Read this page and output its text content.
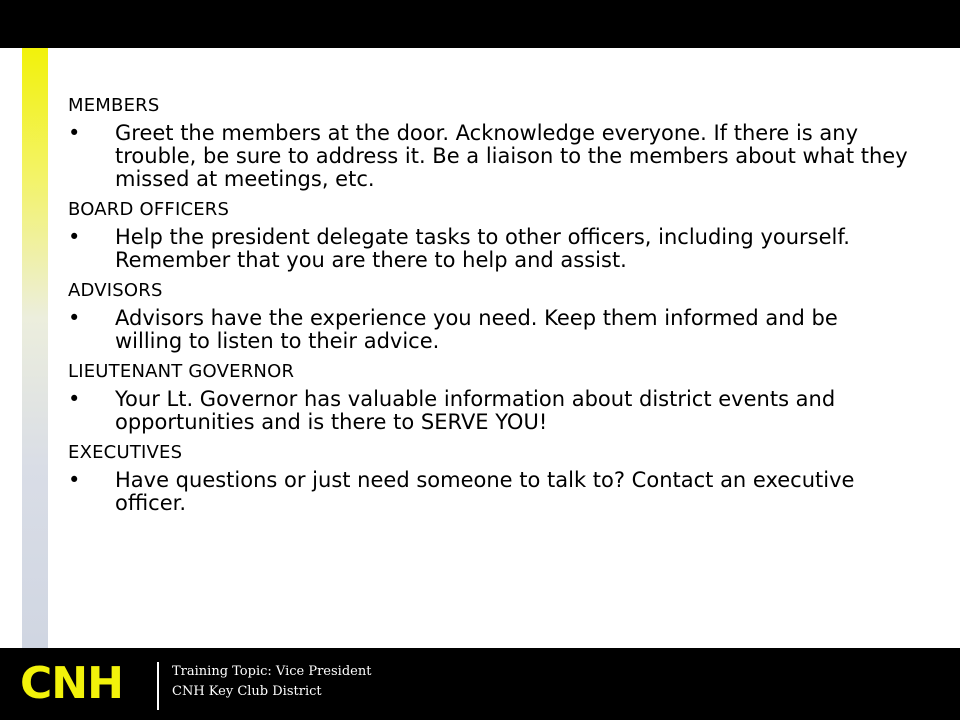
MEMBERS
• Greet the members at the door. Acknowledge everyone. If there is any trouble, be sure to address it. Be a liaison to the members about what they missed at meetings, etc.
BOARD OFFICERS
• Help the president delegate tasks to other officers, including yourself. Remember that you are there to help and assist.
ADVISORS
• Advisors have the experience you need. Keep them informed and be willing to listen to their advice.
LIEUTENANT GOVERNOR
• Your Lt. Governor has valuable information about district events and opportunities and is there to SERVE YOU!
EXECUTIVES
• Have questions or just need someone to talk to? Contact an executive officer.
CNH	Training Topic: Vice President
CNH Key Club District
